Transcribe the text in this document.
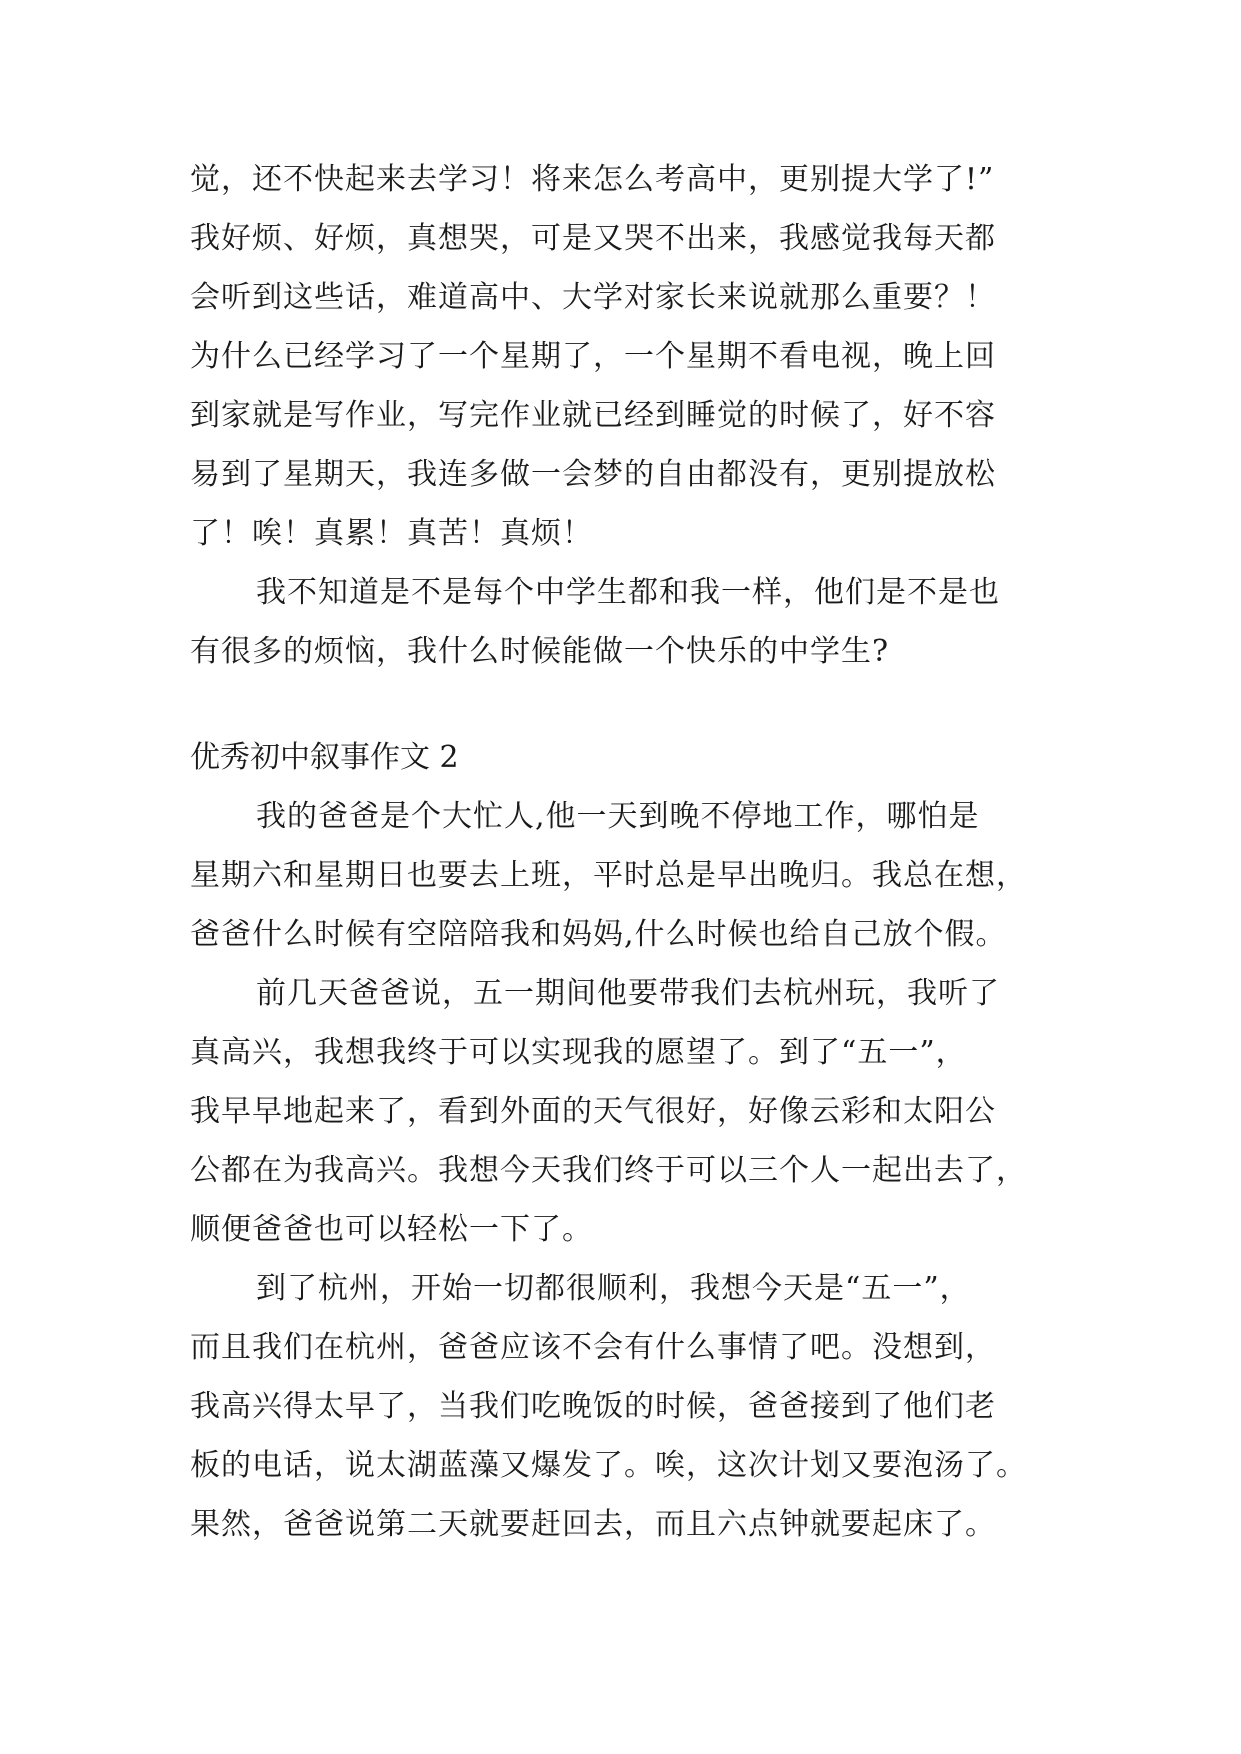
觉，还不快起来去学习！将来怎么考高中，更别提大学了!”
我好烦、好烦，真想哭，可是又哭不出来，我感觉我每天都
会听到这些话，难道高中、大学对家长来说就那么重要？！
为什么已经学习了一个星期了，一个星期不看电视，晚上回
到家就是写作业，写完作业就已经到睡觉的时候了，好不容
易到了星期天，我连多做一会梦的自由都没有，更别提放松
了！唉！真累！真苦！真烦！
我不知道是不是每个中学生都和我一样，他们是不是也
有很多的烦恼，我什么时候能做一个快乐的中学生?
优秀初中叙事作文 2
我的爸爸是个大忙人,他一天到晚不停地工作，哪怕是
星期六和星期日也要去上班，平时总是早出晚归。我总在想，
爸爸什么时候有空陪陪我和妈妈,什么时候也给自己放个假。
前几天爸爸说，五一期间他要带我们去杭州玩，我听了
真高兴，我想我终于可以实现我的愿望了。到了“五一”，
我早早地起来了，看到外面的天气很好，好像云彩和太阳公
公都在为我高兴。我想今天我们终于可以三个人一起出去了，
顺便爸爸也可以轻松一下了。
到了杭州，开始一切都很顺利，我想今天是“五一”，
而且我们在杭州，爸爸应该不会有什么事情了吧。没想到，
我高兴得太早了，当我们吃晚饭的时候，爸爸接到了他们老
板的电话，说太湖蓝藻又爆发了。唉，这次计划又要泡汤了。
果然，爸爸说第二天就要赶回去，而且六点钟就要起床了。
